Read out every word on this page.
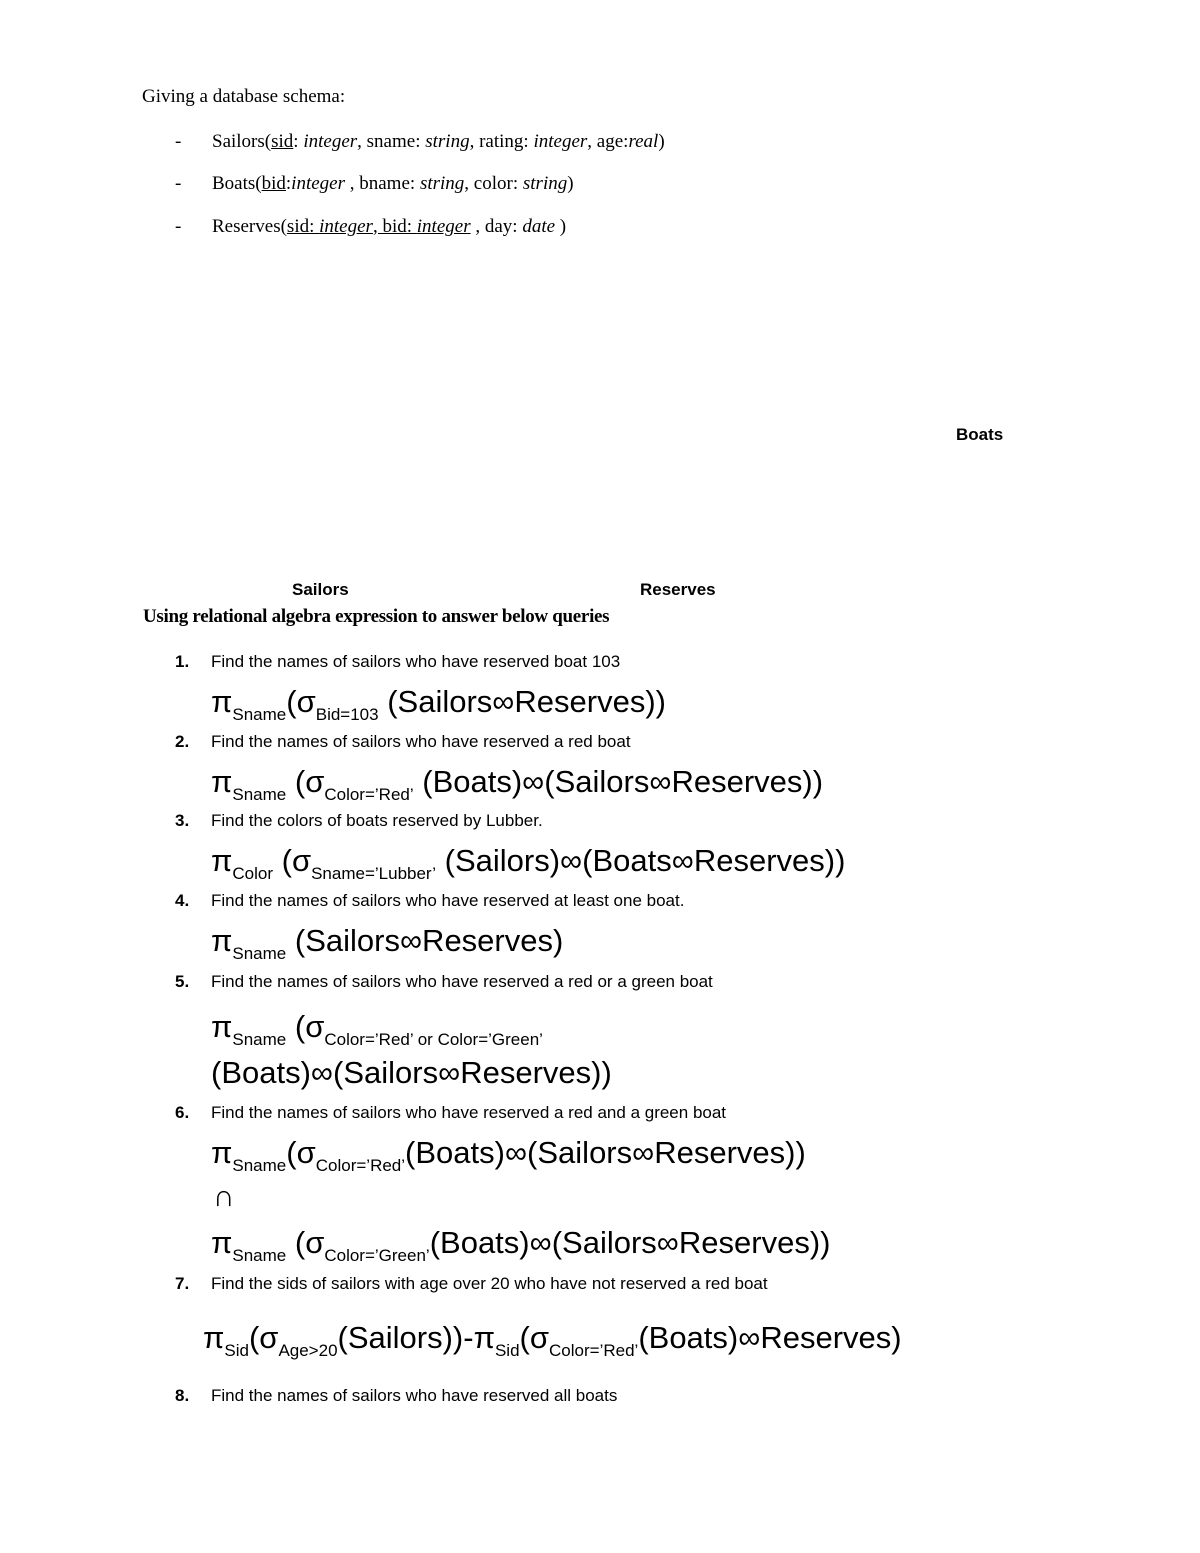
Giving a database schema:
- Sailors(sid: integer, sname: string, rating: integer, age:real)
- Boats(bid:integer , bname: string, color: string)
- Reserves(sid: integer, bid: integer , day: date )
Boats
Sailors	Reserves
Using relational algebra expression to answer below queries
1. Find the names of sailors who have reserved boat 103
$\pi_{Sname}(\sigma_{Bid=103}$ (Sailors∞Reserves))
2. Find the names of sailors who have reserved a red boat
$\pi_{Sname}$ ($\sigma_{Color=’Red’}$ (Boats)∞(Sailors∞Reserves))
3. Find the colors of boats reserved by Lubber.
$\pi_{Color}$ ($\sigma_{Sname=’Lubber’}$ (Sailors)∞(Boats∞Reserves))
4. Find the names of sailors who have reserved at least one boat.
$\pi_{Sname}$ (Sailors∞Reserves)
5. Find the names of sailors who have reserved a red or a green boat
$\pi_{Sname}$ ($\sigma_{Color=’Red’ or Color=’Green’}$
(Boats)∞(Sailors∞Reserves))
6. Find the names of sailors who have reserved a red and a green boat
$\pi_{Sname}(\sigma_{Color=’Red’}(Boats)\infty(Sailors\infty Reserves))$
∩
$\pi_{Sname}$ $(\sigma_{Color=’Green’}(Boats)\infty(Sailors\infty Reserves))$
7. Find the sids of sailors with age over 20 who have not reserved a red boat
$\pi_{Sid}(\sigma_{Age>20}(Sailors))-\pi_{Sid}(\sigma_{Color=’Red’}(Boats)\infty Reserves)$
8. Find the names of sailors who have reserved all boats
